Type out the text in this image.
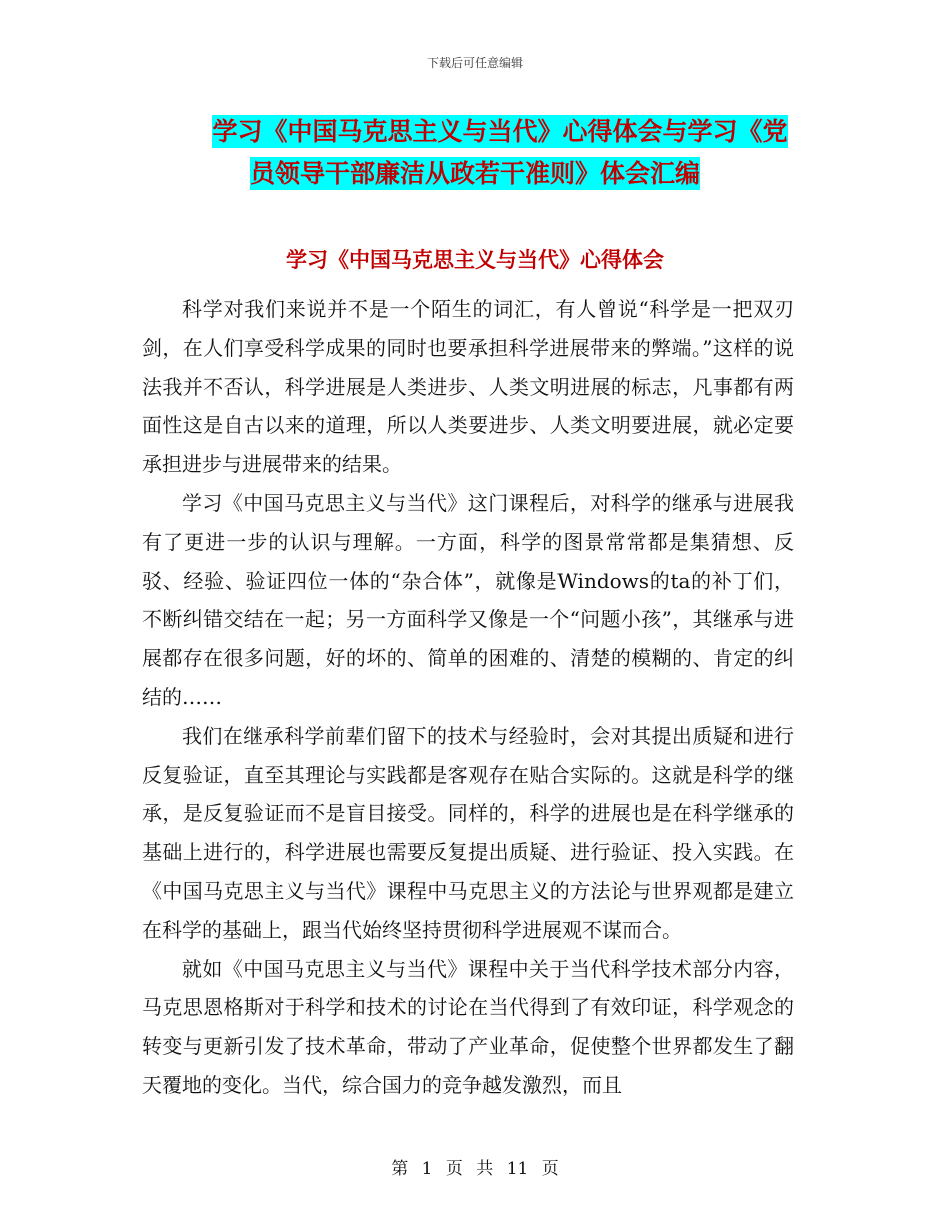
下载后可任意编辑
学习《中国马克思主义与当代》心得体会与学习《党
员领导干部廉洁从政若干准则》体会汇编
学习《中国马克思主义与当代》心得体会

科学对我们来说并不是一个陌生的词汇，有人曾说“科学是一把双刃剑，在人们享受科学成果的同时也要承担科学进展带来的弊端。”这样的说法我并不否认，科学进展是人类进步、人类文明进展的标志，凡事都有两面性这是自古以来的道理，所以人类要进步、人类文明要进展，就必定要承担进步与进展带来的结果。

学习《中国马克思主义与当代》这门课程后，对科学的继承与进展我有了更进一步的认识与理解。一方面，科学的图景常常都是集猜想、反驳、经验、验证四位一体的“杂合体”，就像是Windows的ta的补丁们，不断纠错交结在一起；另一方面科学又像是一个“问题小孩”，其继承与进展都存在很多问题，好的坏的、简单的困难的、清楚的模糊的、肯定的纠结的……

我们在继承科学前辈们留下的技术与经验时，会对其提出质疑和进行反复验证，直至其理论与实践都是客观存在贴合实际的。这就是科学的继承，是反复验证而不是盲目接受。同样的，科学的进展也是在科学继承的基础上进行的，科学进展也需要反复提出质疑、进行验证、投入实践。在《中国马克思主义与当代》课程中马克思主义的方法论与世界观都是建立在科学的基础上，跟当代始终坚持贯彻科学进展观不谋而合。

就如《中国马克思主义与当代》课程中关于当代科学技术部分内容，马克思恩格斯对于科学和技术的讨论在当代得到了有效印证，科学观念的转变与更新引发了技术革命，带动了产业革命，促使整个世界都发生了翻天覆地的变化。当代，综合国力的竞争越发激烈，而且

第 1 页 共 11 页
